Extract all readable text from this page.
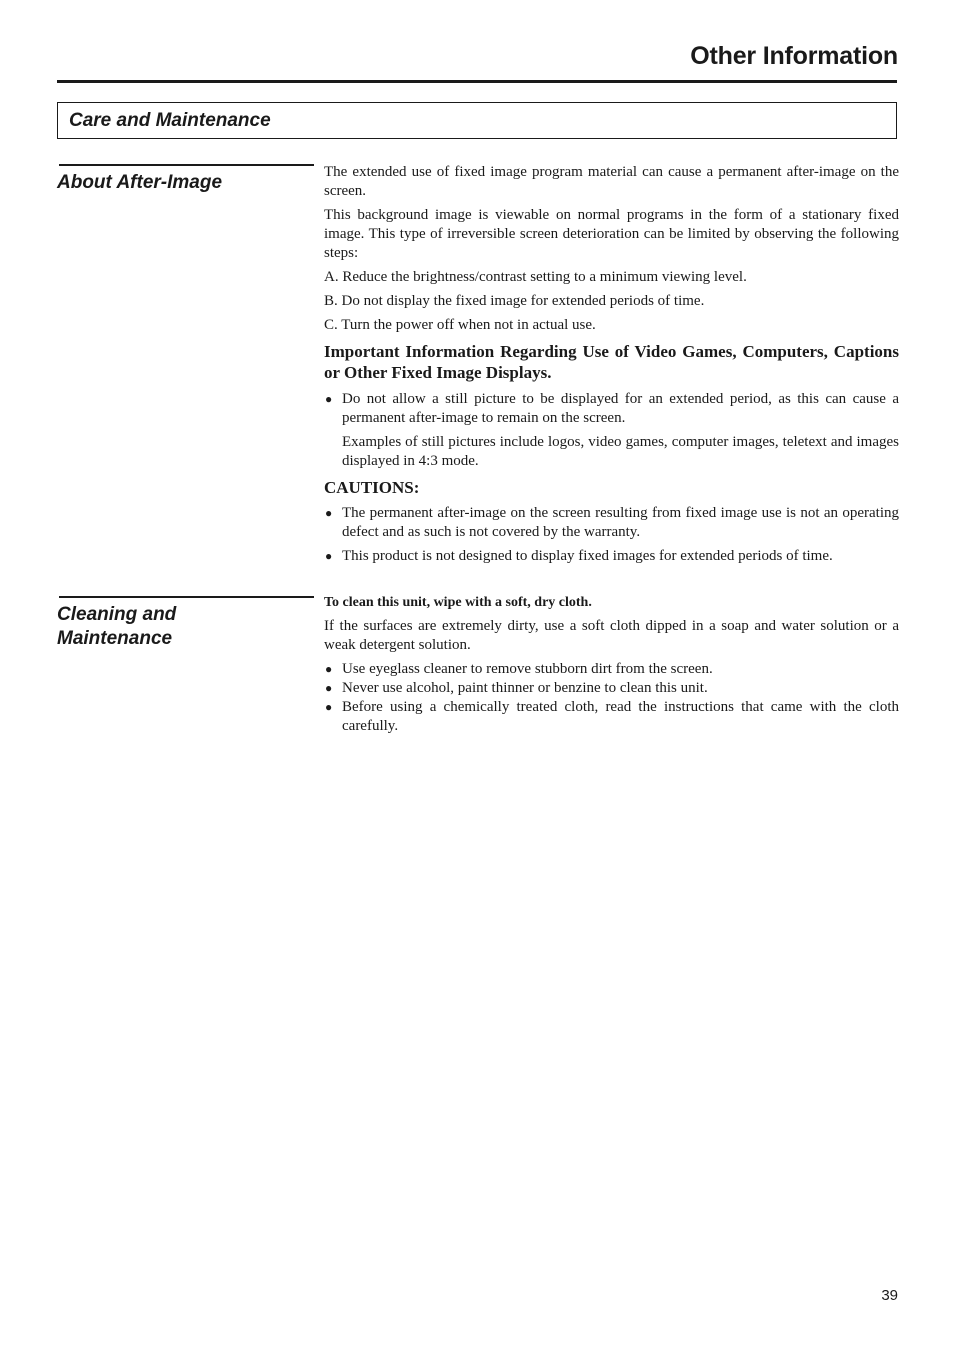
Other Information
Care and Maintenance
About After-Image	The extended use of fixed image program material can cause a permanent after-image on the screen.

This background image is viewable on normal programs in the form of a stationary fixed image. This type of irreversible screen deterioration can be limited by observing the following steps:

A. Reduce the brightness/contrast setting to a minimum viewing level.

B. Do not display the fixed image for extended periods of time.

C. Turn the power off when not in actual use.

Important Information Regarding Use of Video Games, Computers, Captions or Other Fixed Image Displays.
● Do not allow a still picture to be displayed for an extended period, as this can cause a permanent after-image to remain on the screen.

Examples of still pictures include logos, video games, computer images, teletext and images displayed in 4:3 mode.

CAUTIONS:
● The permanent after-image on the screen resulting from fixed image use is not an operating defect and as such is not covered by the warranty.
● This product is not designed to display fixed images for extended periods of time.
Cleaning and
Maintenance

To clean this unit, wipe with a soft, dry cloth.

If the surfaces are extremely dirty, use a soft cloth dipped in a soap and water solution or a weak detergent solution.

● Use eyeglass cleaner to remove stubborn dirt from the screen.
● Never use alcohol, paint thinner or benzine to clean this unit.
● Before using a chemically treated cloth, read the instructions that came with the cloth carefully.
39
